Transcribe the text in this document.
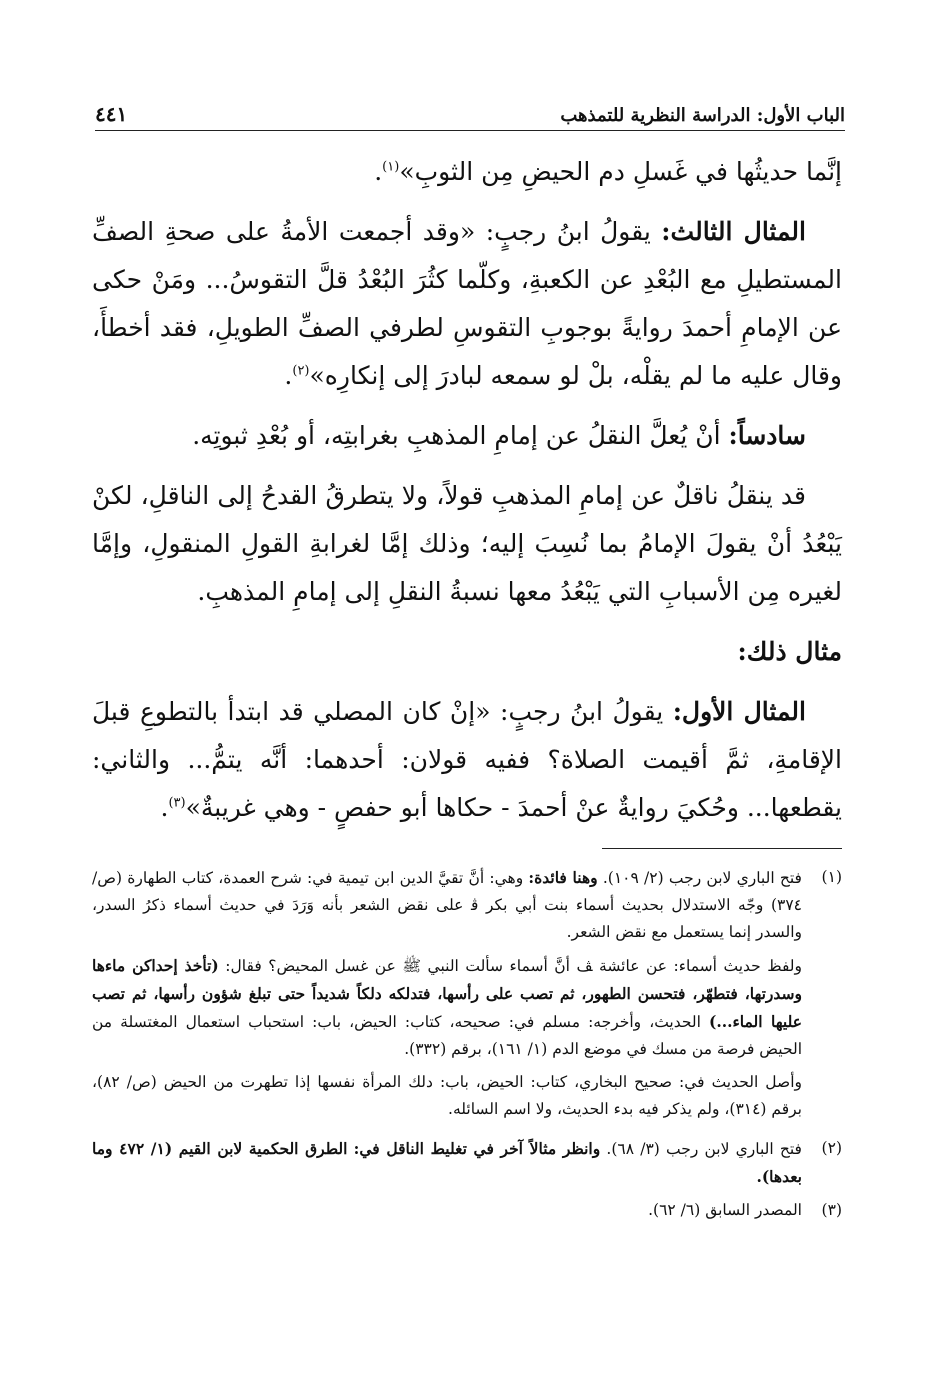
الباب الأول: الدراسة النظرية للتمذهب
٤٤١

إنَّما حديثُها في غَسلِ دم الحيضِ مِن الثوبِ»$^{(١)}$.

المثال الثالث: يقولُ ابنُ رجبٍ: «وقد أجمعت الأمةُ على صحةِ الصفِّ المستطيلِ مع البُعْدِ عن الكعبةِ، وكلّما كثُرَ البُعْدُ قلَّ التقوسُ... ومَنْ حكى عن الإمامِ أحمدَ روايةً بوجوبِ التقوسِ لطرفي الصفِّ الطويلِ، فقد أخطأَ، وقال عليه ما لم يقلْه، بلْ لو سمعه لبادرَ إلى إنكارِه»$^{(٢)}$.

سادساً: أنْ يُعلَّ النقلُ عن إمامِ المذهبِ بغرابتِه، أو بُعْدِ ثبوتِه.

قد ينقلُ ناقلٌ عن إمامِ المذهبِ قولاً، ولا يتطرقُ القدحُ إلى الناقلِ، لكنْ يَبْعُدُ أنْ يقولَ الإمامُ بما نُسِبَ إليه؛ وذلك إمَّا لغرابةِ القولِ المنقولِ، وإمَّا لغيره مِن الأسبابِ التي يَبْعُدُ معها نسبةُ النقلِ إلى إمامِ المذهبِ.

مثال ذلك:

المثال الأول: يقولُ ابنُ رجبٍ: «إنْ كان المصلي قد ابتدأ بالتطوعِ قبلَ الإقامةِ، ثمَّ أقيمت الصلاة؟ ففيه قولان: أحدهما: أنَّه يتمُّ... والثاني: يقطعها... وحُكيَ روايةٌ عنْ أحمدَ - حكاها أبو حفصٍ - وهي غريبةٌ»$^{(٣)}$.

(١)

فتح الباري لابن رجب (٢/ ١٠٩). وهنا فائدة: وهي: أنَّ تقيَّ الدين ابن تيمية في: شرح العمدة، كتاب الطهارة (ص/ ٣٧٤) وجّه الاستدلال بحديث أسماء بنت أبي بكر ﭬ على نقض الشعر بأنه وَرَدَ في حديث أسماء ذكرُ السدر، والسدر إنما يستعمل مع نقض الشعر.

ولفظ حديث أسماء: عن عائشة ﭫ أنَّ أسماء سألت النبي ﷺ عن غسل المحيض؟ فقال: (تأخذ إحداكن ماءها وسدرتها، فتطهّر، فتحسن الطهور، ثم تصب على رأسها، فتدلكه دلكاً شديداً حتى تبلغ شؤون رأسها، ثم تصب عليها الماء...) الحديث، وأخرجه: مسلم في: صحيحه، كتاب: الحيض، باب: استحباب استعمال المغتسلة من الحيض فرصة من مسك في موضع الدم (١/ ١٦١)، برقم (٣٣٢).

وأصل الحديث في: صحيح البخاري، كتاب: الحيض، باب: دلك المرأة نفسها إذا تطهرت من الحيض (ص/ ٨٢)، برقم (٣١٤)، ولم يذكر فيه بدء الحديث، ولا اسم السائله.

(٢)
فتح الباري لابن رجب (٣/ ٦٨). وانظر مثالاً آخر في تغليط الناقل في: الطرق الحكمية لابن القيم (١/ ٤٧٢ وما بعدها).
(٣)
المصدر السابق (٦/ ٦٢).
